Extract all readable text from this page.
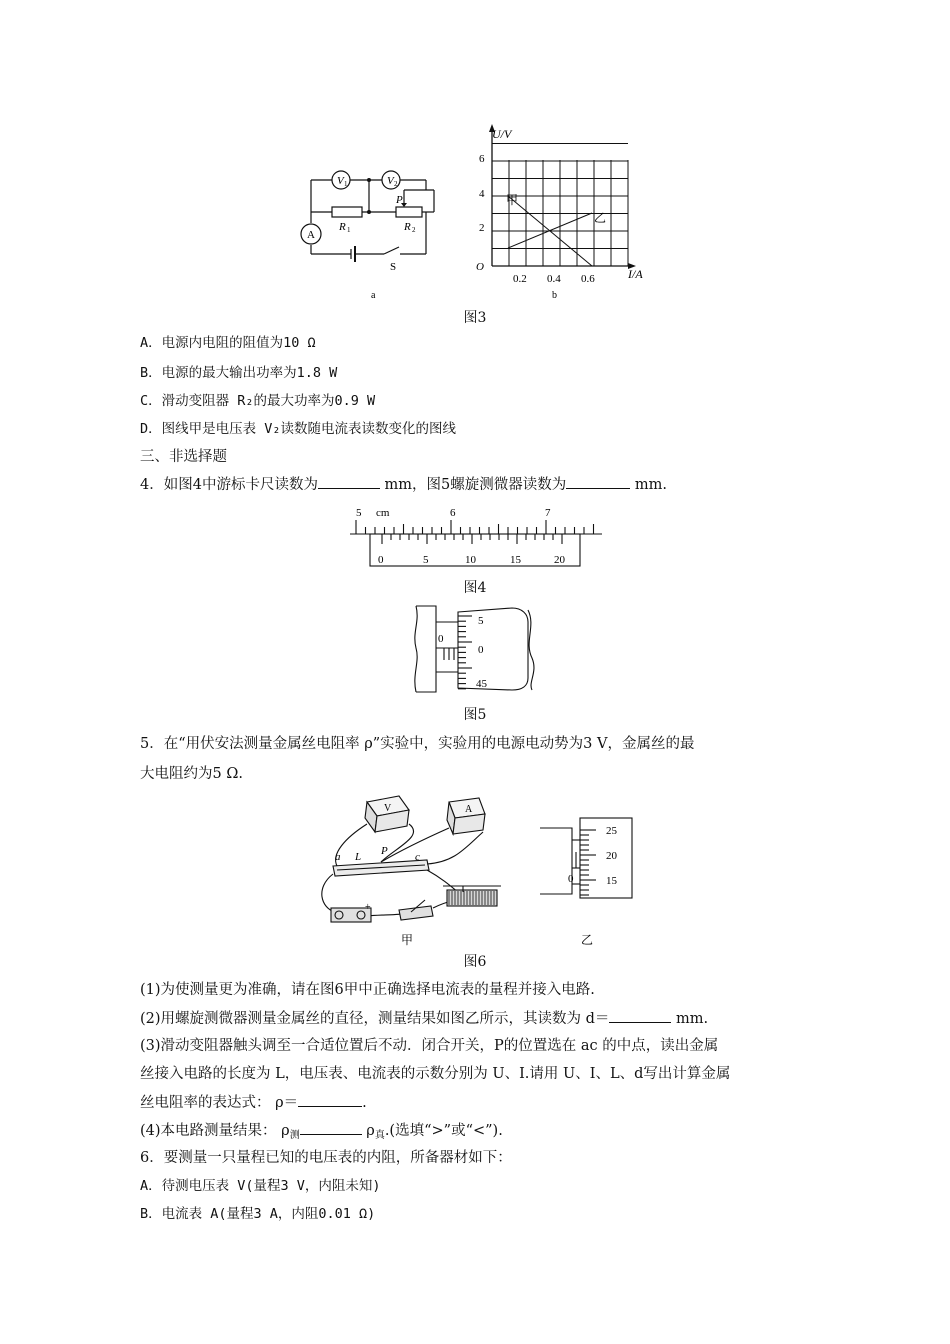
V 1	V 2
A
R 1	R 2
P
S
a
U/V
I/A
O
2
4
6
0.2 0.4 0.6
甲
乙
b
图3
A．电源内电阻的阻值为10 Ω
B．电源的最大输出功率为1.8 W
C．滑动变阻器 R₂的最大功率为0.9 W
D．图线甲是电压表 V₂读数随电流表读数变化的图线
三、非选择题
4．如图4中游标卡尺读数为	mm，图5螺旋测微器读数为	mm.
5 cm	6	7
0	5	10	15	20
图4
0
5
0
45
图5
5．在“用伏安法测量金属丝电阻率 ρ”实验中，实验用的电源电动势为3 V，金属丝的最
大电阻约为5 Ω.
V	A
a L P c
+
甲
0
25
20
15
乙
图6
(1)为使测量更为准确，请在图6甲中正确选择电流表的量程并接入电路.
(2)用螺旋测微器测量金属丝的直径，测量结果如图乙所示，其读数为 d＝	mm.
(3)滑动变阻器触头调至一合适位置后不动．闭合开关，P的位置选在 ac 的中点，读出金属
丝接入电路的长度为 L，电压表、电流表的示数分别为 U、I.请用 U、I、L、d写出计算金属
丝电阻率的表达式： ρ＝	.
(4)本电路测量结果： $\rho_测$	$\rho_真$.(选填“>”或“<”).
6．要测量一只量程已知的电压表的内阻，所备器材如下：
A．待测电压表 V(量程3 V，内阻未知)
B．电流表 A(量程3 A，内阻0.01 Ω)
